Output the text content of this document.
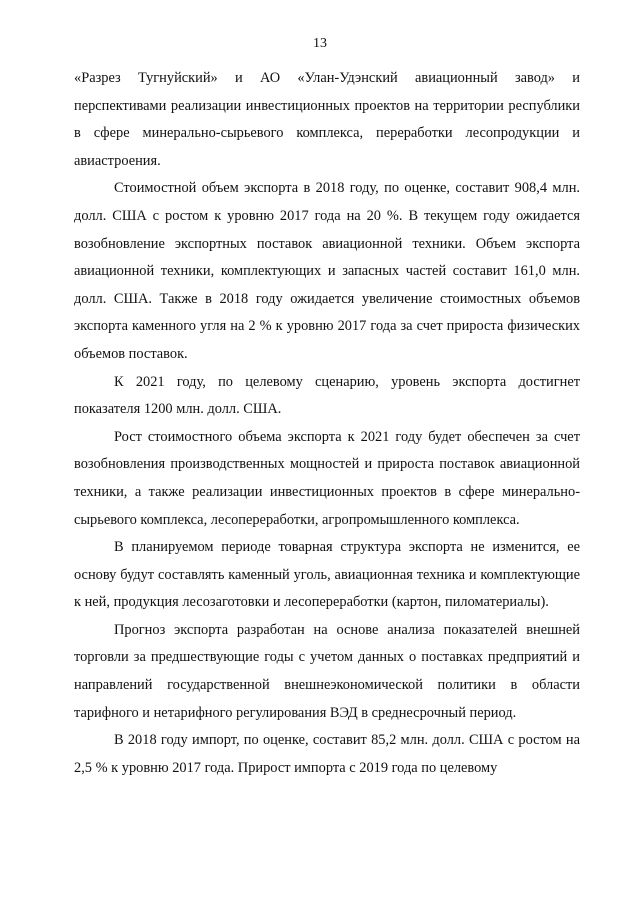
13

«Разрез Тугнуйский» и АО «Улан-Удэнский авиационный завод» и перспективами реализации инвестиционных проектов на территории республики в сфере минерально-сырьевого комплекса, переработки лесопродукции и авиастроения.

Стоимостной объем экспорта в 2018 году, по оценке, составит 908,4 млн. долл. США с ростом к уровню 2017 года на 20 %. В текущем году ожидается возобновление экспортных поставок авиационной техники. Объем экспорта авиационной техники, комплектующих и запасных частей составит 161,0 млн. долл. США. Также в 2018 году ожидается увеличение стоимостных объемов экспорта каменного угля на 2 % к уровню 2017 года за счет прироста физических объемов поставок.

К 2021 году, по целевому сценарию, уровень экспорта достигнет показателя 1200 млн. долл. США.

Рост стоимостного объема экспорта к 2021 году будет обеспечен за счет возобновления производственных мощностей и прироста поставок авиационной техники, а также реализации инвестиционных проектов в сфере минерально-сырьевого комплекса, лесопереработки, агропромышленного комплекса.

В планируемом периоде товарная структура экспорта не изменится, ее основу будут составлять каменный уголь, авиационная техника и комплектующие к ней, продукция лесозаготовки и лесопереработки (картон, пиломатериалы).

Прогноз экспорта разработан на основе анализа показателей внешней торговли за предшествующие годы с учетом данных о поставках предприятий и направлений государственной внешнеэкономической политики в области тарифного и нетарифного регулирования ВЭД в среднесрочный период.

В 2018 году импорт, по оценке, составит 85,2 млн. долл. США с ростом на 2,5 % к уровню 2017 года. Прирост импорта с 2019 года по целевому
